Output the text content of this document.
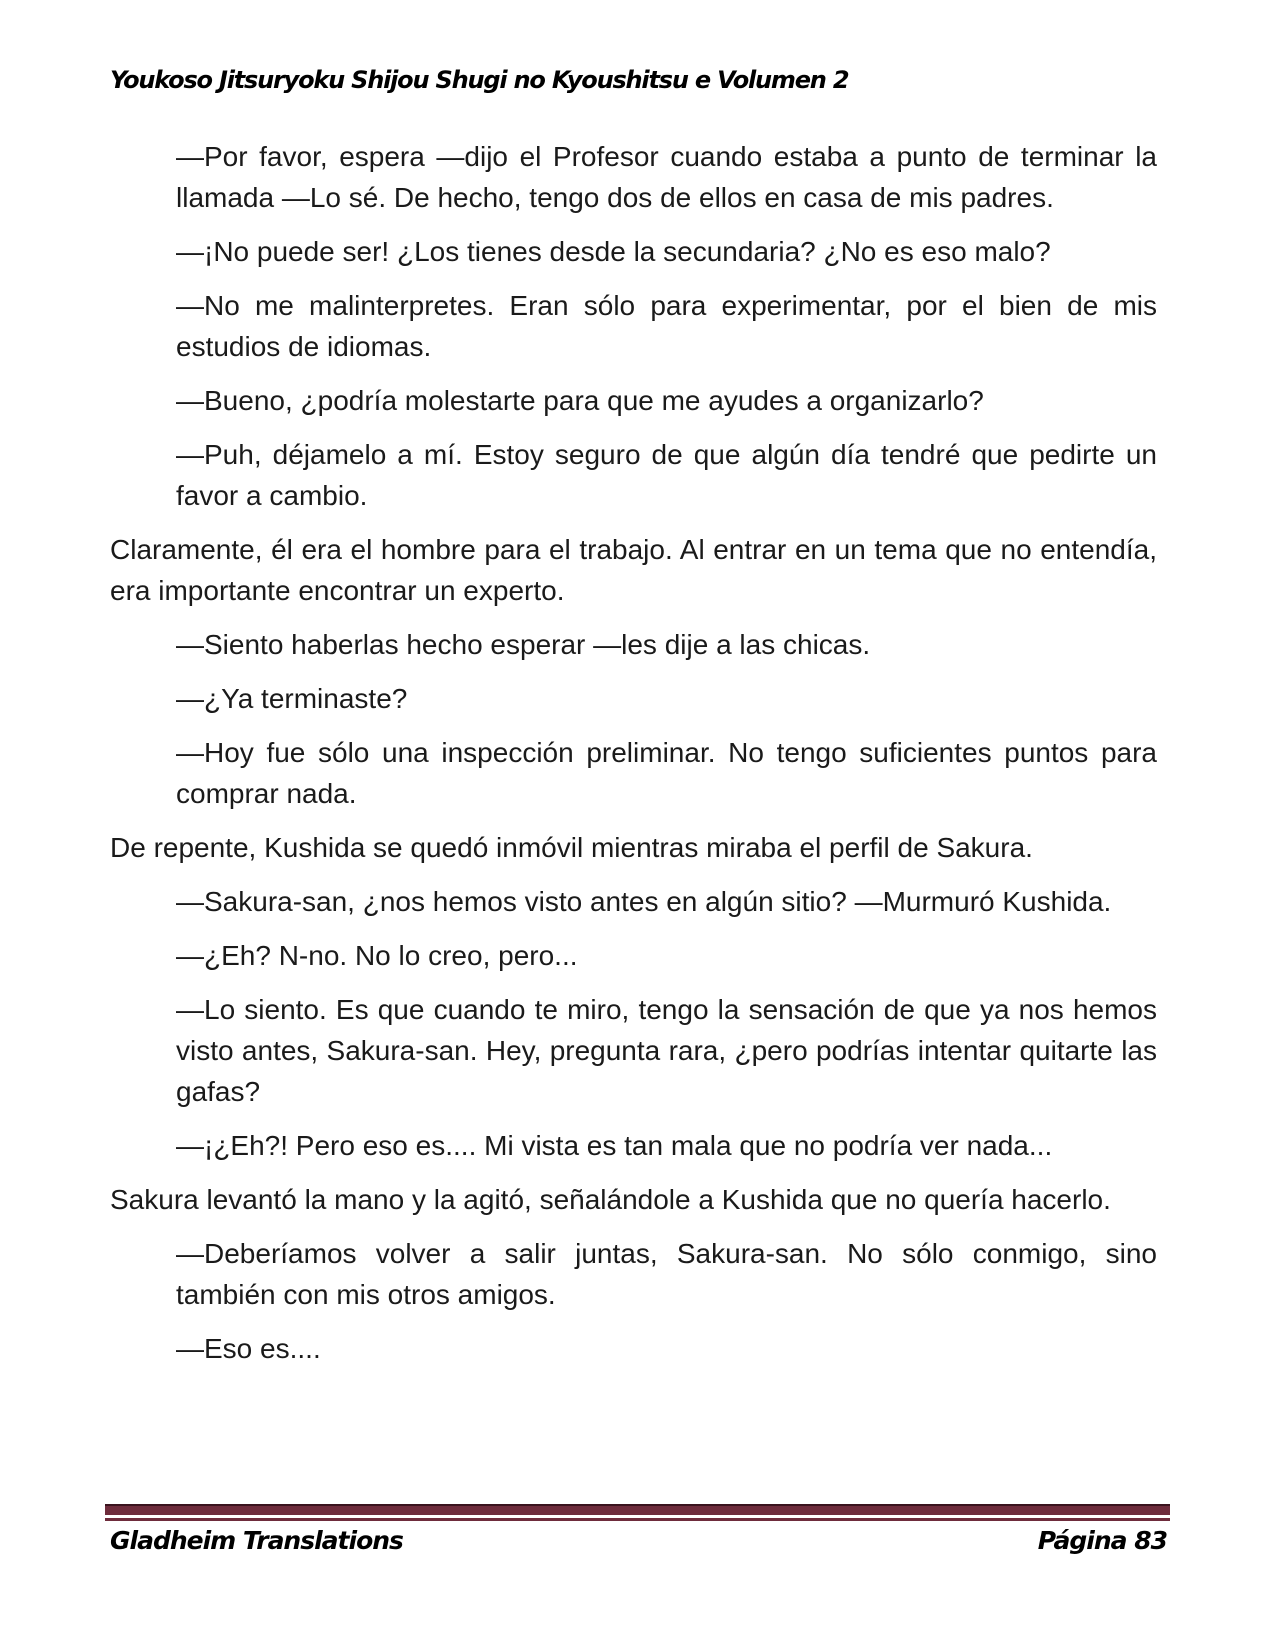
Youkoso Jitsuryoku Shijou Shugi no Kyoushitsu e Volumen 2

—Por favor, espera —dijo el Profesor cuando estaba a punto de terminar la llamada —Lo sé. De hecho, tengo dos de ellos en casa de mis padres.

—¡No puede ser! ¿Los tienes desde la secundaria? ¿No es eso malo?

—No me malinterpretes. Eran sólo para experimentar, por el bien de mis estudios de idiomas.

—Bueno, ¿podría molestarte para que me ayudes a organizarlo?

—Puh, déjamelo a mí. Estoy seguro de que algún día tendré que pedirte un favor a cambio.

Claramente, él era el hombre para el trabajo. Al entrar en un tema que no entendía, era importante encontrar un experto.

—Siento haberlas hecho esperar —les dije a las chicas.

—¿Ya terminaste?

—Hoy fue sólo una inspección preliminar. No tengo suficientes puntos para comprar nada.

De repente, Kushida se quedó inmóvil mientras miraba el perfil de Sakura.

—Sakura-san, ¿nos hemos visto antes en algún sitio? —Murmuró Kushida.

—¿Eh? N-no. No lo creo, pero...

—Lo siento. Es que cuando te miro, tengo la sensación de que ya nos hemos visto antes, Sakura-san. Hey, pregunta rara, ¿pero podrías intentar quitarte las gafas?

—¡¿Eh?! Pero eso es.... Mi vista es tan mala que no podría ver nada...

Sakura levantó la mano y la agitó, señalándole a Kushida que no quería hacerlo.

—Deberíamos volver a salir juntas, Sakura-san. No sólo conmigo, sino también con mis otros amigos.

—Eso es....

Gladheim Translations	Página 83
